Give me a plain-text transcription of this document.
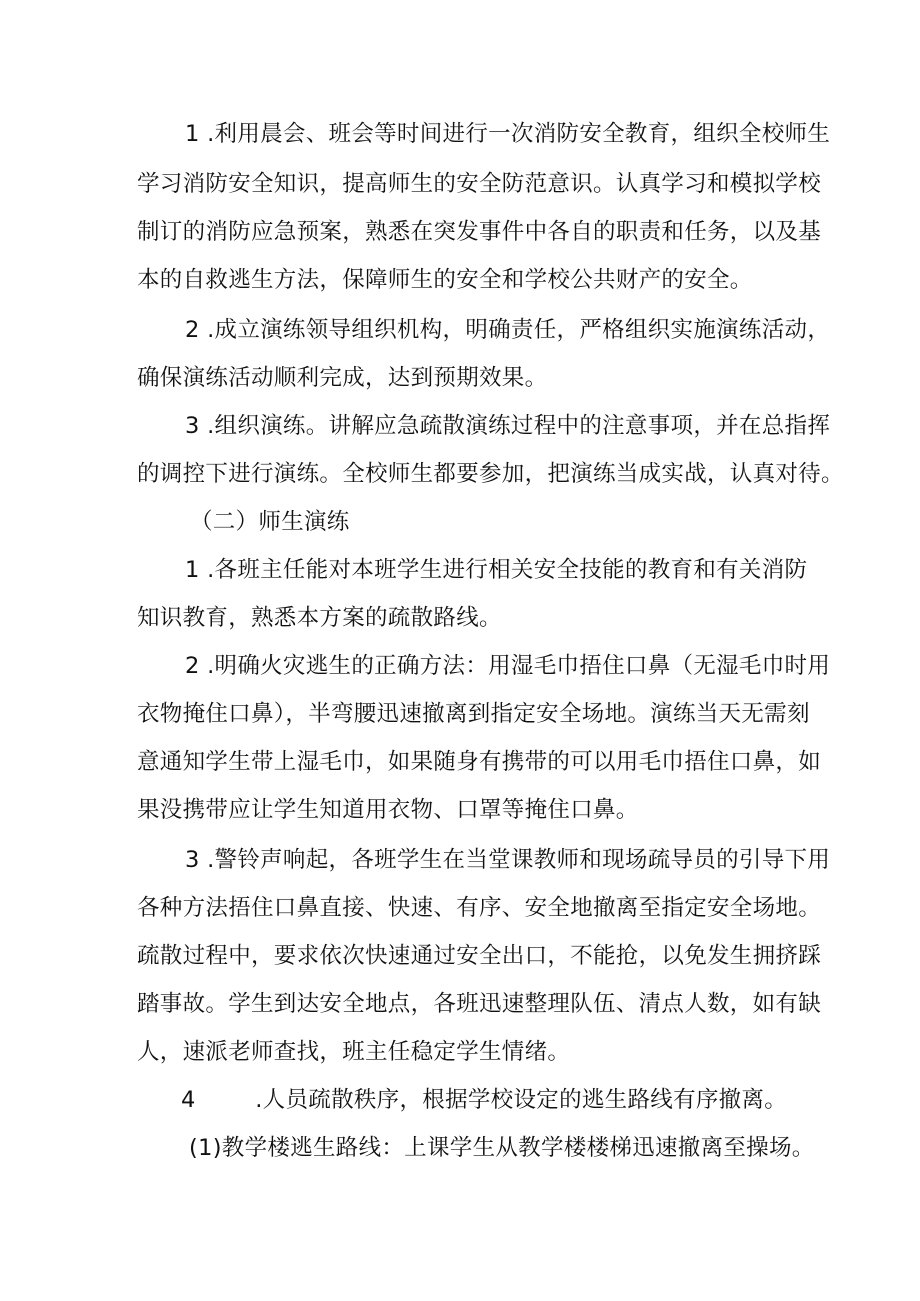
1 .利用晨会、班会等时间进行一次消防安全教育，组织全校师生
学习消防安全知识，提高师生的安全防范意识。认真学习和模拟学校
制订的消防应急预案，熟悉在突发事件中各自的职责和任务，以及基
本的自救逃生方法，保障师生的安全和学校公共财产的安全。
2 .成立演练领导组织机构，明确责任，严格组织实施演练活动，
确保演练活动顺利完成，达到预期效果。
3 .组织演练。讲解应急疏散演练过程中的注意事项，并在总指挥
的调控下进行演练。全校师生都要参加，把演练当成实战，认真对待。
（二）师生演练
1 .各班主任能对本班学生进行相关安全技能的教育和有关消防
知识教育，熟悉本方案的疏散路线。
2 .明确火灾逃生的正确方法：用湿毛巾捂住口鼻（无湿毛巾时用
衣物掩住口鼻），半弯腰迅速撤离到指定安全场地。演练当天无需刻
意通知学生带上湿毛巾，如果随身有携带的可以用毛巾捂住口鼻，如
果没携带应让学生知道用衣物、口罩等掩住口鼻。
3 .警铃声响起，各班学生在当堂课教师和现场疏导员的引导下用
各种方法捂住口鼻直接、快速、有序、安全地撤离至指定安全场地。
疏散过程中，要求依次快速通过安全出口，不能抢，以免发生拥挤踩
踏事故。学生到达安全地点，各班迅速整理队伍、清点人数，如有缺
人，速派老师查找，班主任稳定学生情绪。
4        .人员疏散秩序，根据学校设定的逃生路线有序撤离。
(1)教学楼逃生路线：上课学生从教学楼楼梯迅速撤离至操场。
